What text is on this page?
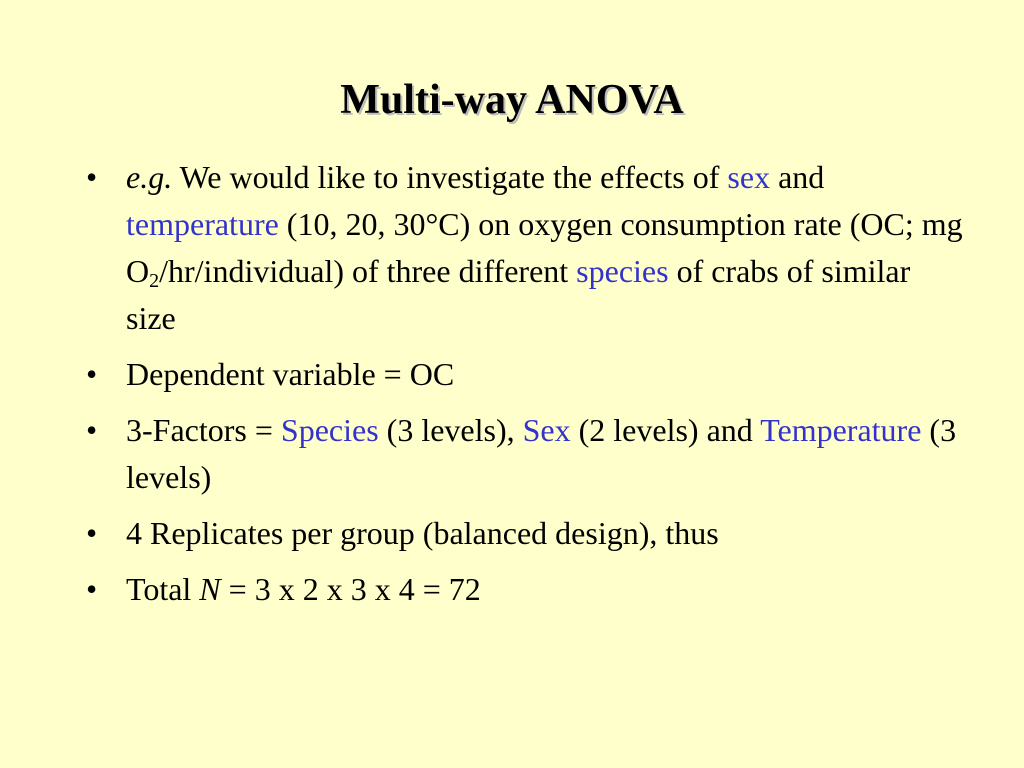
Multi-way ANOVA
• e.g. We would like to investigate the effects of sex and temperature (10, 20, 30°C) on oxygen consumption rate (OC; mg $O_2/hr/individual$) of three different species of crabs of similar size
• Dependent variable = OC
• 3-Factors = Species (3 levels), Sex (2 levels) and Temperature (3 levels)
• 4 Replicates per group (balanced design), thus
• Total N = 3 x 2 x 3 x 4 = 72
